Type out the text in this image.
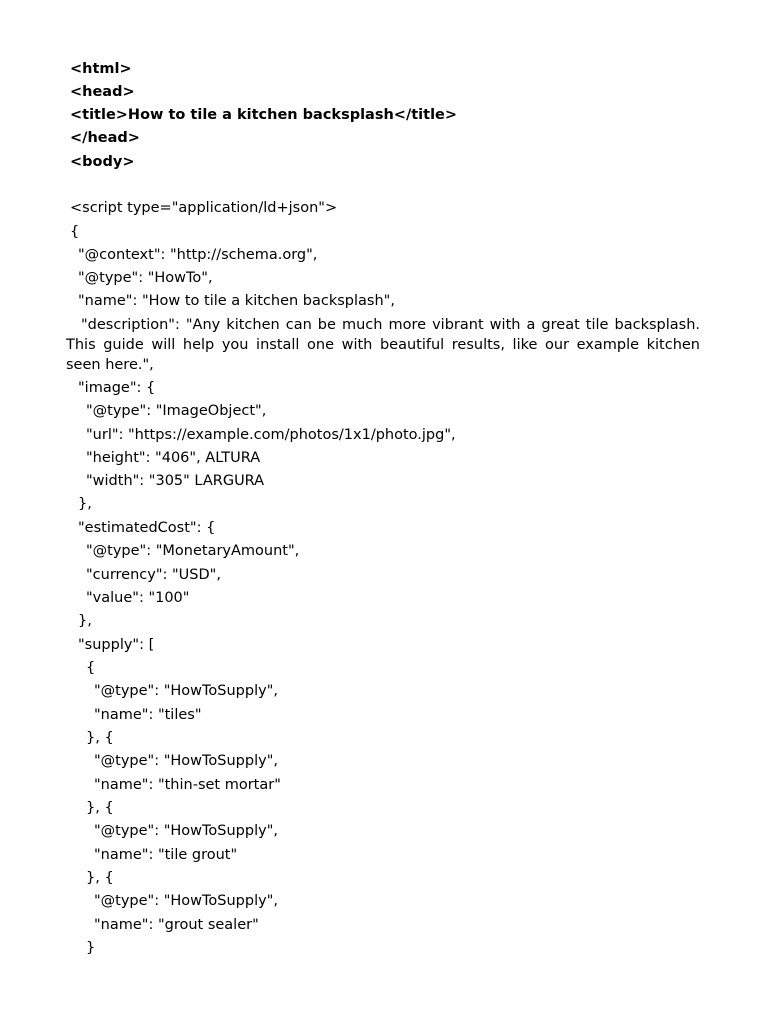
<html>

<head>

<title>How to tile a kitchen backsplash</title>

</head>

<body>

<script type="application/ld+json">

{

"@context": "http://schema.org",

"@type": "HowTo",

"name": "How to tile a kitchen backsplash",

"description": "Any kitchen can be much more vibrant with a great tile backsplash. This guide will help you install one with beautiful results, like our example kitchen seen here.",

"image": {

"@type": "ImageObject",

"url": "https://example.com/photos/1x1/photo.jpg",

"height": "406", ALTURA

"width": "305" LARGURA

},

"estimatedCost": {

"@type": "MonetaryAmount",

"currency": "USD",

"value": "100"

},

"supply": [

{

"@type": "HowToSupply",

"name": "tiles"

}, {

"@type": "HowToSupply",

"name": "thin-set mortar"

}, {

"@type": "HowToSupply",

"name": "tile grout"

}, {

"@type": "HowToSupply",

"name": "grout sealer"

}
